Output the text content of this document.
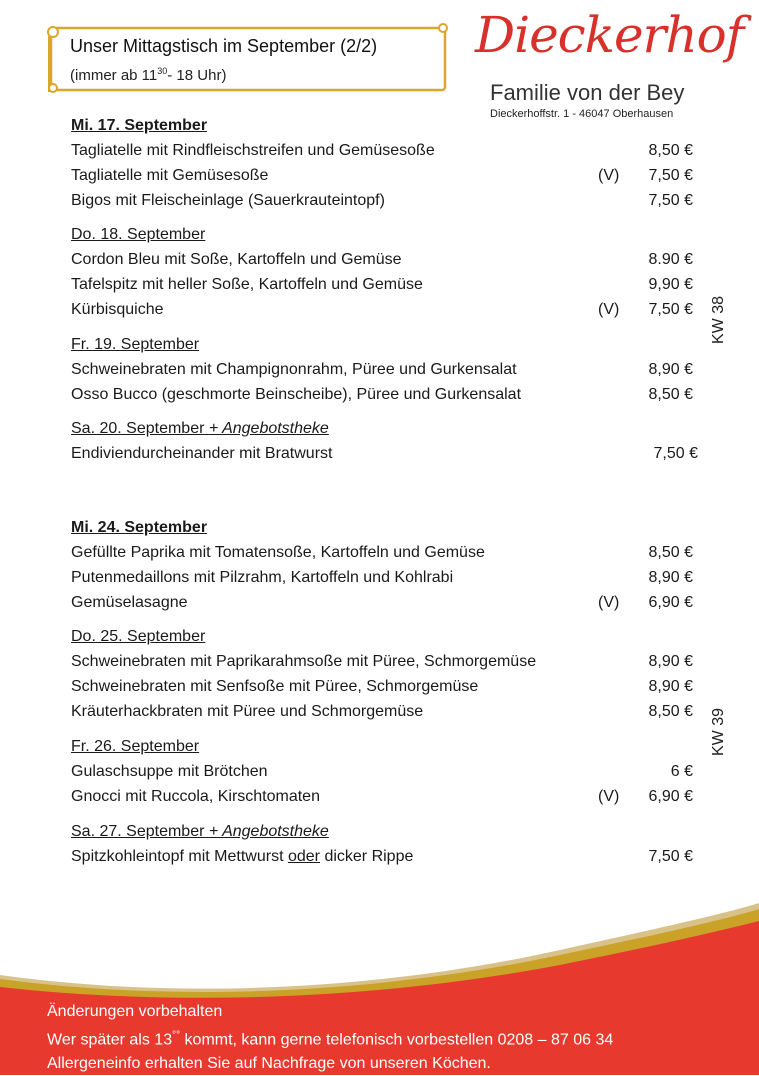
Unser Mittagstisch im September (2/2)
(immer ab $11^{30}-$ 18 Uhr)
Dieckerhof
Familie von der Bey
Dieckerhoffstr. 1 - 46047 Oberhausen
Mi. 17. September
Tagliatelle mit Rindfleischstreifen und Gemüsesoße	8,50 €
Tagliatelle mit Gemüsesoße	(V) 7,50 €
Bigos mit Fleischeinlage (Sauerkrauteintopf)	7,50 €
Do. 18. September
Cordon Bleu mit Soße, Kartoffeln und Gemüse	8.90 €
Tafelspitz mit heller Soße, Kartoffeln und Gemüse	9,90 €
Kürbisquiche	(V) 7,50 €
Fr. 19. September
Schweinebraten mit Champignonrahm, Püree und Gurkensalat	8,90 €
Osso Bucco (geschmorte Beinscheibe), Püree und Gurkensalat	8,50 €
Sa. 20. September + Angebotstheke
Endiviendurcheinander mit Bratwurst	7,50 €
Mi. 24. September
Gefüllte Paprika mit Tomatensoße, Kartoffeln und Gemüse	8,50 €
Putenmedaillons mit Pilzrahm, Kartoffeln und Kohlrabi	8,90 €
Gemüselasagne	(V) 6,90 €
Do. 25. September
Schweinebraten mit Paprikarahmsoße mit Püree, Schmorgemüse	8,90 €
Schweinebraten mit Senfsoße mit Püree, Schmorgemüse	8,90 €
Kräuterhackbraten mit Püree und Schmorgemüse	8,50 €
Fr. 26. September
Gulaschsuppe mit Brötchen	6 €
Gnocci mit Ruccola, Kirschtomaten	(V) 6,90 €
Sa. 27. September + Angebotstheke
Spitzkohleintopf mit Mettwurst oder dicker Rippe	7,50 €
KW 38
KW 39
Änderungen vorbehalten
Wer später als 13°° kommt, kann gerne telefonisch vorbestellen 0208 – 87 06 34
Allergeneinfo erhalten Sie auf Nachfrage von unseren Köchen.
